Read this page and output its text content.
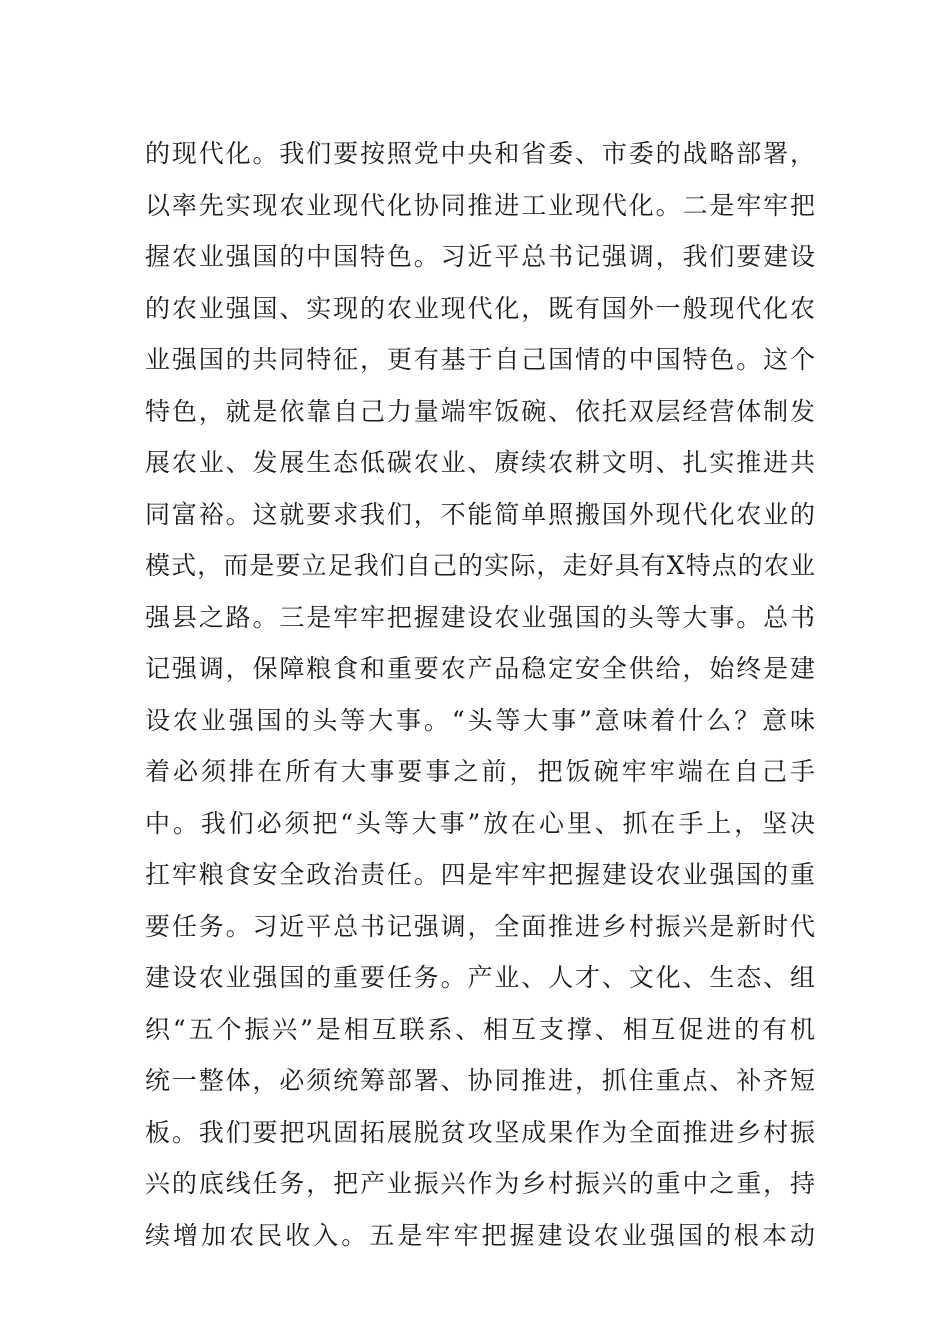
的现代化。我们要按照党中央和省委、市委的战略部署，
以率先实现农业现代化协同推进工业现代化。二是牢牢把
握农业强国的中国特色。习近平总书记强调，我们要建设
的农业强国、实现的农业现代化，既有国外一般现代化农
业强国的共同特征，更有基于自己国情的中国特色。这个
特色，就是依靠自己力量端牢饭碗、依托双层经营体制发
展农业、发展生态低碳农业、赓续农耕文明、扎实推进共
同富裕。这就要求我们，不能简单照搬国外现代化农业的
模式，而是要立足我们自己的实际，走好具有X特点的农业
强县之路。三是牢牢把握建设农业强国的头等大事。总书
记强调，保障粮食和重要农产品稳定安全供给，始终是建
设农业强国的头等大事。“头等大事”意味着什么？意味
着必须排在所有大事要事之前，把饭碗牢牢端在自己手
中。我们必须把“头等大事”放在心里、抓在手上，坚决
扛牢粮食安全政治责任。四是牢牢把握建设农业强国的重
要任务。习近平总书记强调，全面推进乡村振兴是新时代
建设农业强国的重要任务。产业、人才、文化、生态、组
织“五个振兴”是相互联系、相互支撑、相互促进的有机
统一整体，必须统筹部署、协同推进，抓住重点、补齐短
板。我们要把巩固拓展脱贫攻坚成果作为全面推进乡村振
兴的底线任务，把产业振兴作为乡村振兴的重中之重，持
续增加农民收入。五是牢牢把握建设农业强国的根本动
